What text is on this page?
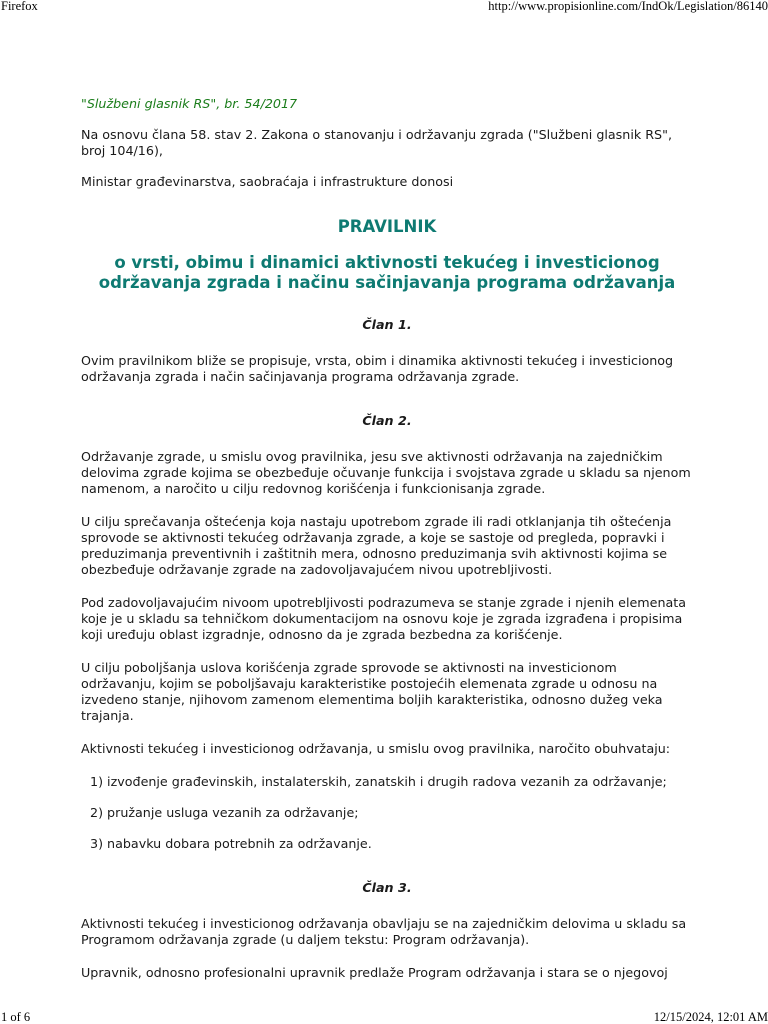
Firefox	http://www.propisionline.com/IndOk/Legislation/86140

"Službeni glasnik RS", br. 54/2017

Na osnovu člana 58. stav 2. Zakona o stanovanju i održavanju zgrada ("Službeni glasnik RS", broj 104/16),

Ministar građevinarstva, saobraćaja i infrastrukture donosi

PRAVILNIK
o vrsti, obimu i dinamici aktivnosti tekućeg i investicionog održavanja zgrada i načinu sačinjavanja programa održavanja
Član 1.

Ovim pravilnikom bliže se propisuje, vrsta, obim i dinamika aktivnosti tekućeg i investicionog održavanja zgrada i način sačinjavanja programa održavanja zgrade.

Član 2.

Održavanje zgrade, u smislu ovog pravilnika, jesu sve aktivnosti održavanja na zajedničkim delovima zgrade kojima se obezbeđuje očuvanje funkcija i svojstava zgrade u skladu sa njenom namenom, a naročito u cilju redovnog korišćenja i funkcionisanja zgrade.

U cilju sprečavanja oštećenja koja nastaju upotrebom zgrade ili radi otklanjanja tih oštećenja sprovode se aktivnosti tekućeg održavanja zgrade, a koje se sastoje od pregleda, popravki i preduzimanja preventivnih i zaštitnih mera, odnosno preduzimanja svih aktivnosti kojima se obezbeđuje održavanje zgrade na zadovoljavajućem nivou upotrebljivosti.

Pod zadovoljavajućim nivoom upotrebljivosti podrazumeva se stanje zgrade i njenih elemenata koje je u skladu sa tehničkom dokumentacijom na osnovu koje je zgrada izgrađena i propisima koji uređuju oblast izgradnje, odnosno da je zgrada bezbedna za korišćenje.

U cilju poboljšanja uslova korišćenja zgrade sprovode se aktivnosti na investicionom održavanju, kojim se poboljšavaju karakteristike postojećih elemenata zgrade u odnosu na izvedeno stanje, njihovom zamenom elementima boljih karakteristika, odnosno dužeg veka trajanja.

Aktivnosti tekućeg i investicionog održavanja, u smislu ovog pravilnika, naročito obuhvataju:

1) izvođenje građevinskih, instalaterskih, zanatskih i drugih radova vezanih za održavanje;

2) pružanje usluga vezanih za održavanje;

3) nabavku dobara potrebnih za održavanje.

Član 3.

Aktivnosti tekućeg i investicionog održavanja obavljaju se na zajedničkim delovima u skladu sa Programom održavanja zgrade (u daljem tekstu: Program održavanja).

Upravnik, odnosno profesionalni upravnik predlaže Program održavanja i stara se o njegovoj

1 of 6	12/15/2024, 12:01 AM
